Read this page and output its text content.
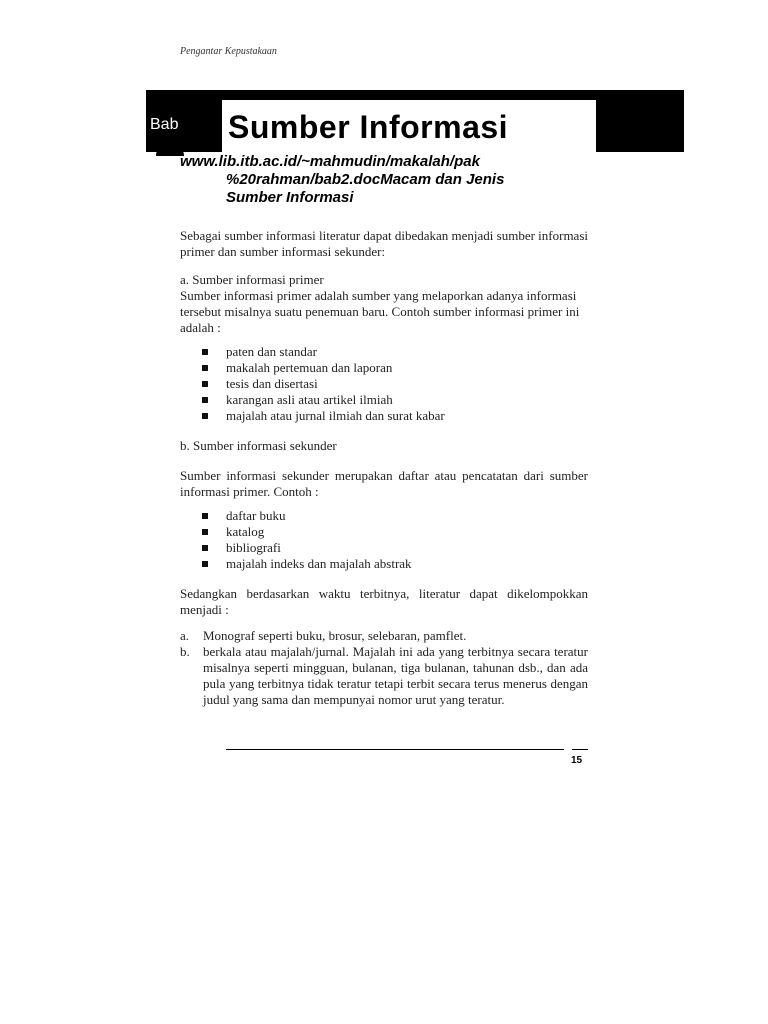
Pengantar Kepustakaan
Bab Sumber Informasi
www.lib.itb.ac.id/~mahmudin/makalah/pak
%20rahman/bab2.docMacam dan Jenis
Sumber Informasi

Sebagai sumber informasi literatur dapat dibedakan menjadi sumber informasi primer dan sumber informasi sekunder:

a. Sumber informasi primer

Sumber informasi primer adalah sumber yang melaporkan adanya informasi tersebut misalnya suatu penemuan baru. Contoh sumber informasi primer ini adalah :

paten dan standar
makalah pertemuan dan laporan
tesis dan disertasi
karangan asli atau artikel ilmiah
majalah atau jurnal ilmiah dan surat kabar

b. Sumber informasi sekunder

Sumber informasi sekunder merupakan daftar atau pencatatan dari sumber informasi primer. Contoh :

daftar buku
katalog
bibliografi
majalah indeks dan majalah abstrak

Sedangkan berdasarkan waktu terbitnya, literatur dapat dikelompokkan menjadi :

a. Monograf seperti buku, brosur, selebaran, pamflet.
b. berkala atau majalah/jurnal. Majalah ini ada yang terbitnya secara teratur misalnya seperti mingguan, bulanan, tiga bulanan, tahunan dsb., dan ada pula yang terbitnya tidak teratur tetapi terbit secara terus menerus dengan judul yang sama dan mempunyai nomor urut yang teratur.
15
